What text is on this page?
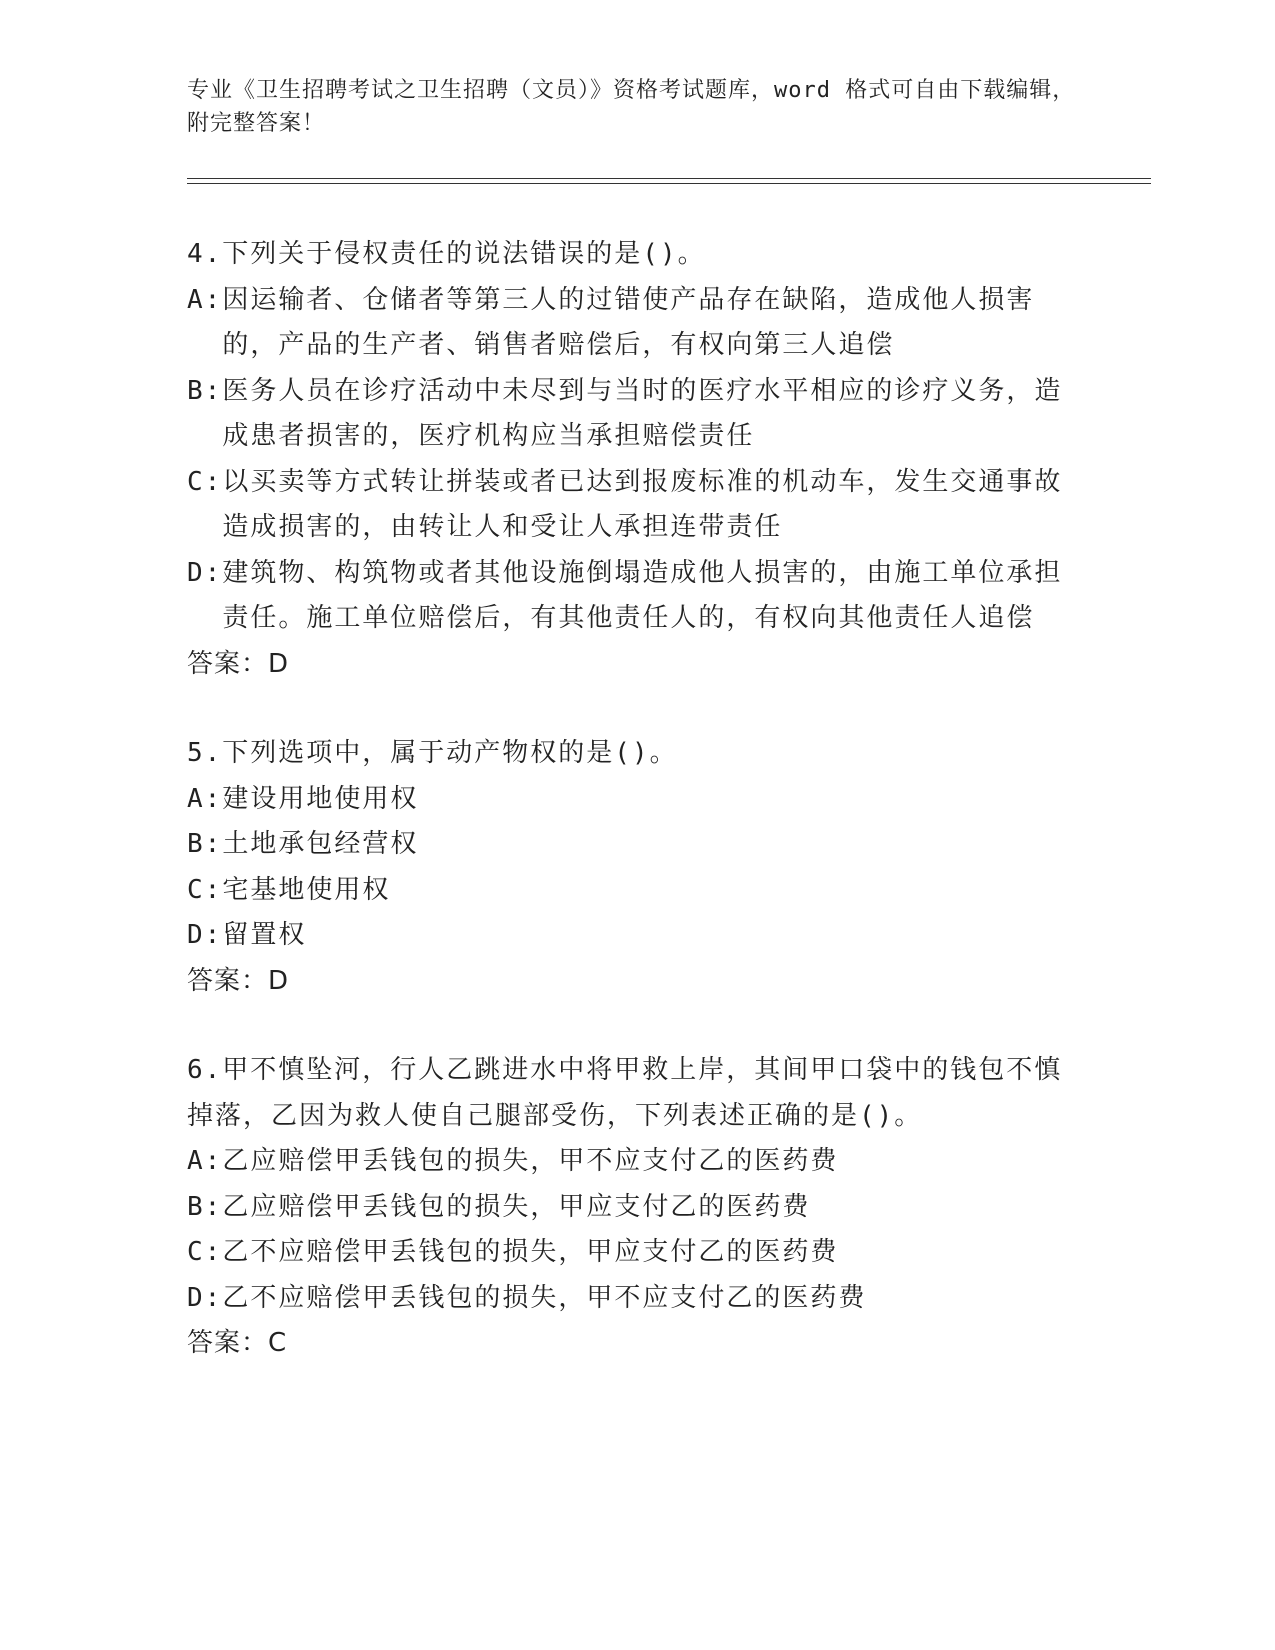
专业《卫生招聘考试之卫生招聘（文员）》资格考试题库，word 格式可自由下载编辑，附完整答案！

4.下列关于侵权责任的说法错误的是()。

A: 因运输者、仓储者等第三人的过错使产品存在缺陷，造成他人损害的，产品的生产者、销售者赔偿后，有权向第三人追偿

B: 医务人员在诊疗活动中未尽到与当时的医疗水平相应的诊疗义务，造成患者损害的，医疗机构应当承担赔偿责任

C: 以买卖等方式转让拼装或者已达到报废标准的机动车，发生交通事故造成损害的，由转让人和受让人承担连带责任

D: 建筑物、构筑物或者其他设施倒塌造成他人损害的，由施工单位承担责任。施工单位赔偿后，有其他责任人的，有权向其他责任人追偿

答案：D

5.下列选项中，属于动产物权的是()。

A: 建设用地使用权

B: 土地承包经营权

C: 宅基地使用权

D: 留置权

答案：D

6.甲不慎坠河，行人乙跳进水中将甲救上岸，其间甲口袋中的钱包不慎掉落，乙因为救人使自己腿部受伤，下列表述正确的是()。

A: 乙应赔偿甲丢钱包的损失，甲不应支付乙的医药费

B: 乙应赔偿甲丢钱包的损失，甲应支付乙的医药费

C: 乙不应赔偿甲丢钱包的损失，甲应支付乙的医药费

D: 乙不应赔偿甲丢钱包的损失，甲不应支付乙的医药费

答案：C
